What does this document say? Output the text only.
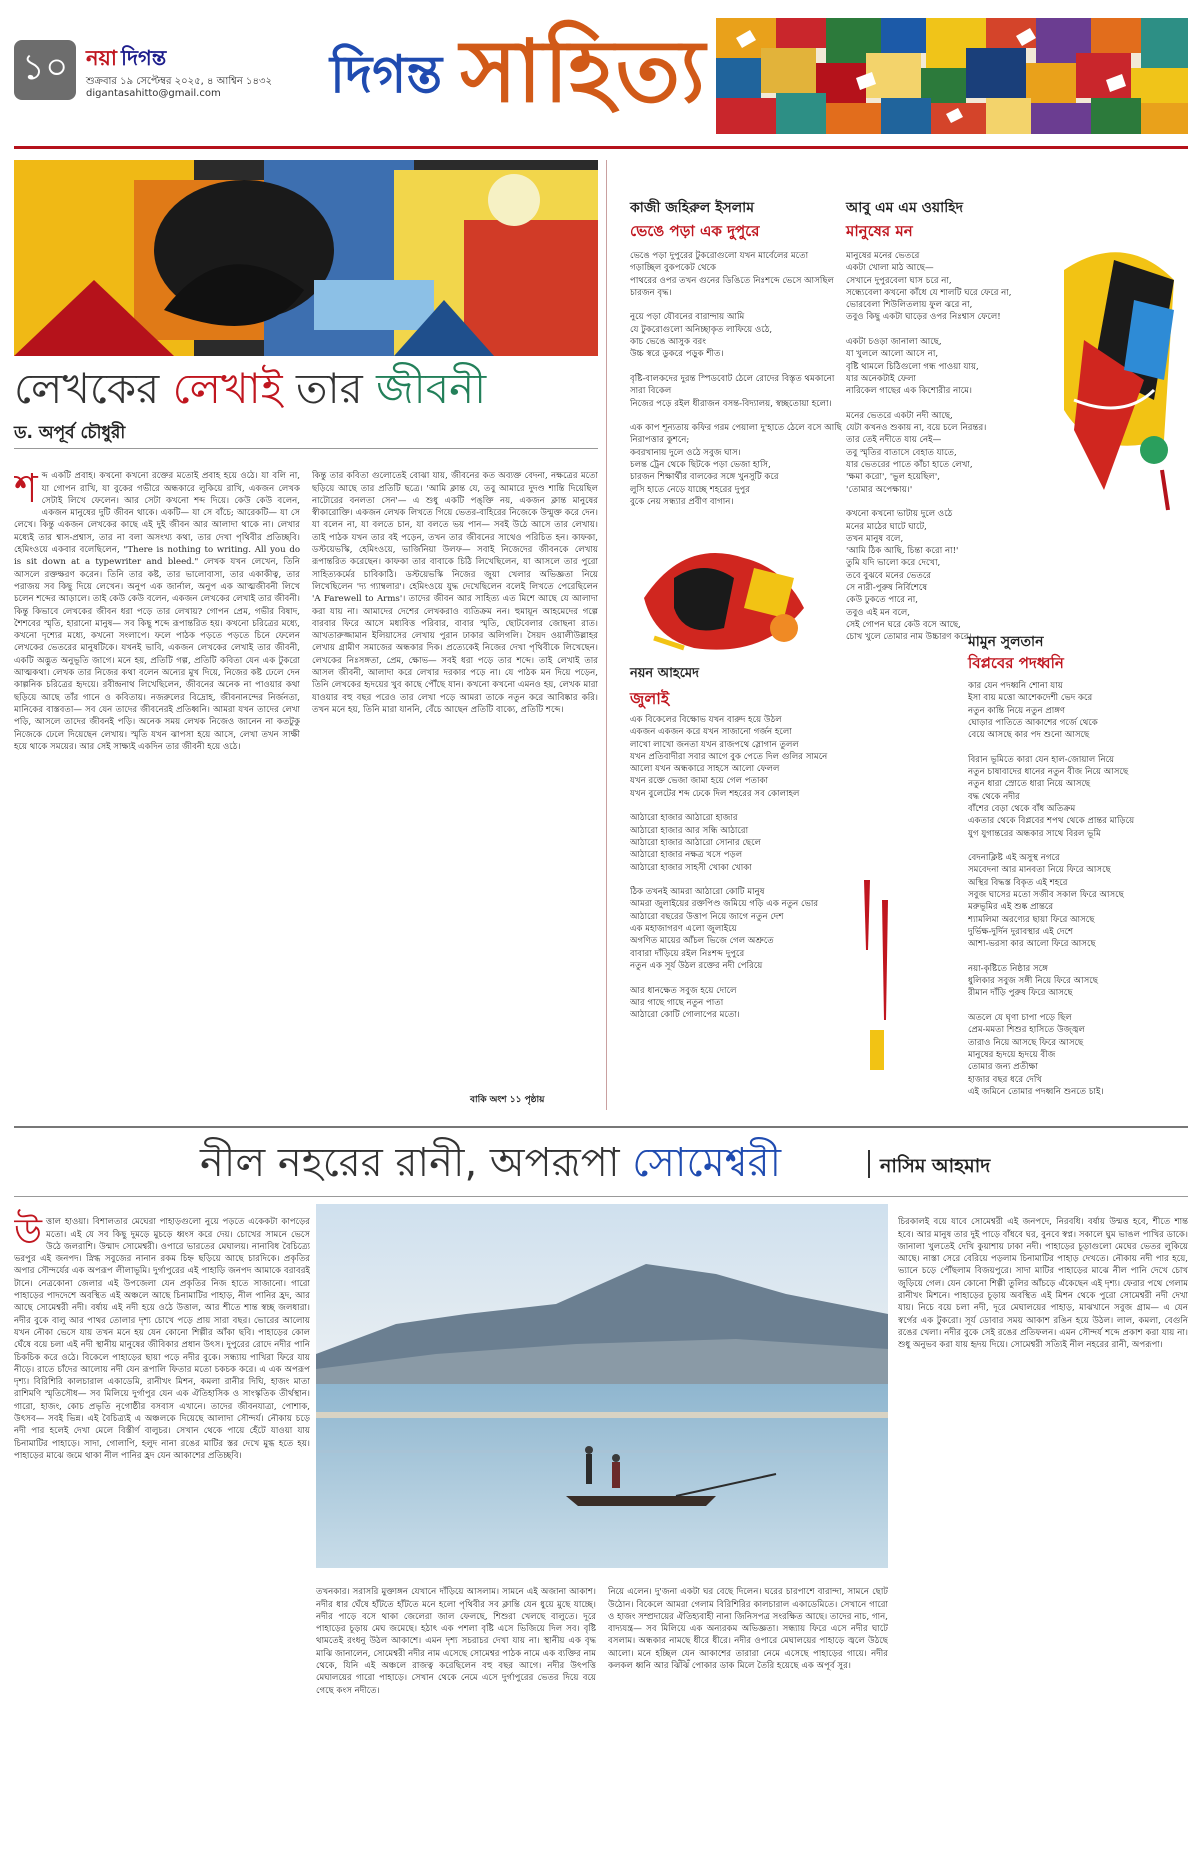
১০ নয়া দিগন্ত
শুক্রবার ১৯ সেপ্টেম্বর ২০২৫, ৪ আশ্বিন ১৪৩২
digantasahitto@gmail.com দিগন্ত সাহিত্য
লেখকের লেখাই তার জীবনী
ড. অপূর্ব চৌধুরী

শব্দ একটি প্রবাহ। কখনো কখনো রক্তের মতোই প্রবাহ হয়ে ওঠে। যা বলি না, যা গোপন রাখি, যা বুকের গভীরে অন্ধকারে লুকিয়ে রাখি, একজন লেখক সেটাই লিখে ফেলেন। আর সেটা কখনো শব্দ দিয়ে। কেউ কেউ বলেন, একজন মানুষের দুটি জীবন থাকে। একটি— যা সে বাঁচে; আরেকটি— যা সে লেখে। কিন্তু একজন লেখকের কাছে এই দুই জীবন আর আলাদা থাকে না। লেখার মধ্যেই তার শ্বাস-প্রশ্বাস, তার না বলা অসংখ্য কথা, তার দেখা পৃথিবীর প্রতিচ্ছবি। হেমিংওয়ে একবার বলেছিলেন, "There is nothing to writing. All you do is sit down at a typewriter and bleed." লেখক যখন লেখেন, তিনি আসলে রক্তক্ষরণ করেন। তিনি তার কষ্ট, তার ভালোবাসা, তার একাকীত্ব, তার পরাজয় সব কিছু দিয়ে লেখেন। অনুপ এক জার্নাল, অনুপ এক আত্মজীবনী লিখে চলেন শব্দের আড়ালে। তাই কেউ কেউ বলেন, একজন লেখকের লেখাই তার জীবনী। কিন্তু কিভাবে লেখকের জীবন ধরা পড়ে তার লেখায়? গোপন প্রেম, গভীর বিষাদ, শৈশবের স্মৃতি, হারানো মানুষ— সব কিছু শব্দে রূপান্তরিত হয়। কখনো চরিত্রের মধ্যে, কখনো দৃশ্যের মধ্যে, কখনো সংলাপে। ফলে পাঠক পড়তে পড়তে চিনে ফেলেন লেখকের ভেতরের মানুষটিকে। যখনই ভাবি, একজন লেখকের লেখাই তার জীবনী, একটি অদ্ভুত অনুভূতি জাগে। মনে হয়, প্রতিটি গল্প, প্রতিটি কবিতা যেন এক টুকরো আত্মকথা। লেখক তার নিজের কথা বলেন অন্যের মুখ দিয়ে, নিজের কষ্ট ঢেলে দেন কাল্পনিক চরিত্রের হৃদয়ে। রবীন্দ্রনাথ লিখেছিলেন, জীবনের অনেক না পাওয়ার কথা ছড়িয়ে আছে তাঁর গানে ও কবিতায়। নজরুলের বিদ্রোহ, জীবনানন্দের নির্জনতা, মানিকের বাস্তবতা— সব যেন তাদের জীবনেরই প্রতিধ্বনি। আমরা যখন তাদের লেখা পড়ি, আসলে তাদের জীবনই পড়ি। অনেক সময় লেখক নিজেও জানেন না কতটুকু নিজেকে ঢেলে দিয়েছেন লেখায়। স্মৃতি যখন ঝাপসা হয়ে আসে, লেখা তখন সাক্ষী হয়ে থাকে সময়ের। আর সেই সাক্ষ্যই একদিন তার জীবনী হয়ে ওঠে।

কিন্তু তার কবিতা গুলোতেই বোঝা যায়, জীবনের কত অব্যক্ত বেদনা, নক্ষত্রের মতো ছড়িয়ে আছে তার প্রতিটি ছত্রে। 'আমি ক্লান্ত যে, তবু আমারে দুদণ্ড শান্তি দিয়েছিল নাটোরের বনলতা সেন'— এ শুধু একটি পঙ্‌ক্তি নয়, একজন ক্লান্ত মানুষের স্বীকারোক্তি। একজন লেখক লিখতে গিয়ে ভেতর-বাহিরের নিজেকে উন্মুক্ত করে দেন। যা বলেন না, যা বলতে চান, যা বলতে ভয় পান— সবই উঠে আসে তার লেখায়। তাই পাঠক যখন তার বই পড়েন, তখন তার জীবনের সাথেও পরিচিত হন। কাফকা, ডস্টয়েভস্কি, হেমিংওয়ে, ভার্জিনিয়া উলফ— সবাই নিজেদের জীবনকে লেখায় রূপান্তরিত করেছেন। কাফকা তার বাবাকে চিঠি লিখেছিলেন, যা আসলে তার পুরো সাহিত্যকর্মের চাবিকাঠি। ডস্টয়েভস্কি নিজের জুয়া খেলার অভিজ্ঞতা নিয়ে লিখেছিলেন 'দ্য গ্যাম্বলার'। হেমিংওয়ে যুদ্ধ দেখেছিলেন বলেই লিখতে পেরেছিলেন 'A Farewell to Arms'। তাদের জীবন আর সাহিত্য এত মিশে আছে যে আলাদা করা যায় না। আমাদের দেশের লেখকরাও ব্যতিক্রম নন। হুমায়ূন আহমেদের গল্পে বারবার ফিরে আসে মধ্যবিত্ত পরিবার, বাবার স্মৃতি, ছোটবেলার জোছনা রাত। আখতারুজ্জামান ইলিয়াসের লেখায় পুরান ঢাকার অলিগলি। সৈয়দ ওয়ালীউল্লাহর লেখায় গ্রামীণ সমাজের অন্ধকার দিক। প্রত্যেকেই নিজের দেখা পৃথিবীকে লিখেছেন। লেখকের নিঃসঙ্গতা, প্রেম, ক্ষোভ— সবই ধরা পড়ে তার শব্দে। তাই লেখাই তার আসল জীবনী, আলাদা করে লেখার দরকার পড়ে না। যে পাঠক মন দিয়ে পড়েন, তিনি লেখকের হৃদয়ের খুব কাছে পৌঁছে যান। কখনো কখনো এমনও হয়, লেখক মারা যাওয়ার বহু বছর পরেও তার লেখা পড়ে আমরা তাকে নতুন করে আবিষ্কার করি। তখন মনে হয়, তিনি মারা যাননি, বেঁচে আছেন প্রতিটি বাক্যে, প্রতিটি শব্দে।

বাকি অংশ ১১ পৃষ্ঠায়
কাজী জহিরুল ইসলাম
ভেঙে পড়া এক দুপুরে
ভেঙে পড়া দুপুরের টুকরোগুলো যখন মার্বেলের মতো গড়াচ্ছিল বুকপকেট থেকে
পাথরের ওপর তখন গুনের ডিঙিতে নিঃশব্দে ভেসে আসছিল চারজন বৃদ্ধ।

নুয়ে পড়া যৌবনের বারান্দায় আমি
যে টুকরোগুলো অনিচ্ছাকৃত লাফিয়ে ওঠে,
কাচ ভেঙে আসুক বরং
উচ্চ স্বরে ডুকরে পড়ুক শীত।

বৃষ্টি-বালকদের দুরন্ত স্পিডবোট ঠেলে রোদের বিস্তৃত থমকানো সারা বিকেল
নিজের পড়ে রইল ধীরাজন বসন্ত-বিদ্যালয়, স্বচ্ছতোয়া হলো।

এক কাপ শূন্যতায় কফির গরম পেয়ালা দু'হাতে ঠেলে বসে আছি নিরাপত্তার কুশনে;
কবরখানায় দুলে ওঠে সবুজ ঘাস।
চলন্ত ট্রেন থেকে ছিটকে পড়া ভেজা হাসি,
চারজন শিক্ষার্থীর বালকের সঙ্গে খুনসুটি করে
লুসি হাতে নেড়ে যাচ্ছে শহরের দুপুর
বুকে নেয় সন্ধ্যার প্রবীণ বাগান।
আবু এম এম ওয়াহিদ
মানুষের মন
মানুষের মনের ভেতরে
একটা খোলা মাঠ আছে—
সেখানে দুপুরবেলা ঘাস চরে না,
সন্ধ্যেবেলা কখনো কাঁধে যে শালটি ঘরে ফেরে না,
ভোরবেলা শিউলিতলায় ফুল ঝরে না,
তবুও কিছু একটা ঘাড়ের ওপর নিঃশ্বাস ফেলে!

একটা চওড়া জানালা আছে,
যা খুললে আলো আসে না,
বৃষ্টি থামলে চিঠিগুলো গন্ধ পাওয়া যায়,
যার অনেকটাই ফেলা
নারিকেল গাছের এক কিশোরীর নামে।

মনের ভেতরে একটা নদী আছে,
যেটা কখনও শুকায় না, বয়ে চলে নিরন্তর।
তার তেই নদীতে যায় নেই—
তবু স্মৃতির বাতাসে বেহাত যাতে,
যার ভেতরের পাতে কাঁচা হাতে লেখা,
'ক্ষমা করো', 'ভুল হয়েছিল',
'তোমার অপেক্ষায়।'

কখনো কখনো ভাটায় দুলে ওঠে
মনের মাঠের ঘাটে ঘাটে,
তখন মানুষ বলে,
'আমি ঠিক আছি, চিন্তা করো না!'
তুমি যদি ভালো করে দেখো,
তবে বুঝবে মনের ভেতরে
সে নারী-পুরুষ নির্বিশেষে
কেউ ঢুকতে পারে না,
তবুও এই মন বলে,
সেই গোপন ঘরে কেউ বসে আছে,
চোখ খুলে তোমার নাম উচ্চারণ করে।
নয়ন আহমেদ
জুলাই
এক বিকেলের বিক্ষোভ যখন বারুদ হয়ে উঠল
একজন একজন করে যখন সাজানো গর্জন হলো
লাখো লাখো জনতা যখন রাজপথে স্লোগান তুলল
যখন প্রতিবাদীরা সবার আগে বুক পেতে দিল গুলির সামনে
আলো যখন অন্ধকারে সাহসে আলো ফেলল
যখন রক্তে ভেজা জামা হয়ে গেল পতাকা
যখন বুলেটের শব্দ ঢেকে দিল শহরের সব কোলাহল

আঠারো হাজার আঠারো হাজার
আঠারো হাজার আর সন্ধি আঠারো
আঠারো হাজার আঠারো সোনার ছেলে
আঠারো হাজার নক্ষত্র খসে পড়ল
আঠারো হাজার সাহসী খোকা খোকা

ঠিক তখনই আমরা আঠারো কোটি মানুষ
আমরা জুলাইয়ের রক্তপিণ্ড জমিয়ে গড়ি এক নতুন ভোর
আঠারো বছরের উত্তাপ নিয়ে জাগে নতুন দেশ
এক মহাজাগরণ এলো জুলাইয়ে
অগণিত মায়ের আঁচল ভিজে গেল অশ্রুতে
বাবারা দাঁড়িয়ে রইল নিঃশব্দ দুপুরে
নতুন এক সূর্য উঠল রক্তের নদী পেরিয়ে

আর ধানক্ষেত সবুজ হয়ে দোলে
আর গাছে গাছে নতুন পাতা
আঠারো কোটি গোলাপের মতো।
মামুন সুলতান
বিপ্লবের পদধ্বনি
কার যেন পদধ্বনি শোনা যায়
ইসা বায় মত্তো আশেকদেশী ভেদ করে
নতুন কান্তি নিয়ে নতুন প্রাঙ্গণ
ঘোড়ার পাতিতে আকাশের গর্জে থেকে
বেয়ে আসছে কার পদ শুনো আসছে

বিরান ভূমিতে কারা যেন হাল-জোয়াল নিয়ে
নতুন চাষাবাদের ধানের নতুন বীজ নিয়ে আসছে
নতুন ধারা স্রোতে ধারা নিয়ে আসছে
বদ্ধ থেকে নদীর
বাঁশের বেড়া থেকে বাঁধ অতিক্রম
একতার থেকে বিপ্লবের শপথ থেকে প্রান্তর মাড়িয়ে
যুগ যুগান্তরের অন্ধকার সাথে বিরল ভূমি

বেদনাক্লিষ্ট এই অসুস্থ নগরে
সমবেদনা আর মানবতা নিয়ে ফিরে আসছে
অস্থির বিদ্ধস্ত বিকৃত এই শহরে
সবুজ ঘাসের মতো সজীব সকাল ফিরে আসছে
মরুভূমির এই শুষ্ক প্রান্তরে
শ্যামলিমা অরণ্যের ছায়া ফিরে আসছে
দুর্ভিক্ষ-দুর্দিন দুরাবস্থার এই দেশে
আশা-ভরসা কার আলো ফিরে আসছে

নয়া-কৃষ্টিতে নিষ্ঠার সঙ্গে
ধুলিকার সবুজ সঙ্গী নিয়ে ফিরে আসছে
রীমান দাঁড়ি পুরুষ ফিরে আসছে

অতলে যে ঘৃণা চাপা পড়ে ছিল
প্রেম-মমতা শিশুর হাসিতে উজ্জ্বল
তারাও নিয়ে আসছে ফিরে আসছে
মানুষের হৃদয়ে হৃদয়ে বীজ
তোমার জন্য প্রতীক্ষা
হাজার বছর ধরে দেখি
এই জমিনে তোমার পদধ্বনি শুনতে চাই।
নীল নহরের রানী, অপরূপা সোমেশ্বরী	নাসিম আহমাদ

উত্তাল হাওয়া। বিশালতার মেঘেরা পাহাড়গুলো নুয়ে পড়তে একেকটা কাপড়ের মতো। এই যে সব কিছু দুমড়ে মুচড়ে ধ্বংস করে দেয়। চোখের সামনে ভেসে উঠে জলরাশি। উন্মাদ সোমেশ্বরী। ওপারে ভারতের মেঘালয়। নানাবিধ বৈচিত্র্যে ভরপুর এই জনপদ। স্নিগ্ধ সবুজের নানান রকম চিহ্ন ছড়িয়ে আছে চারদিকে। প্রকৃতির অপার সৌন্দর্যের এক অপরূপ লীলাভূমি। দুর্গাপুরের এই পাহাড়ি জনপদ আমাকে বরাবরই টানে। নেত্রকোনা জেলার এই উপজেলা যেন প্রকৃতির নিজ হাতে সাজানো। গারো পাহাড়ের পাদদেশে অবস্থিত এই অঞ্চলে আছে চিনামাটির পাহাড়, নীল পানির হ্রদ, আর আছে সোমেশ্বরী নদী। বর্ষায় এই নদী হয়ে ওঠে উত্তাল, আর শীতে শান্ত স্বচ্ছ জলধারা। নদীর বুকে বালু আর পাথর তোলার দৃশ্য চোখে পড়ে প্রায় সারা বছর। ভোরের আলোয় যখন নৌকা ভেসে যায় তখন মনে হয় যেন কোনো শিল্পীর আঁকা ছবি। পাহাড়ের কোল ঘেঁষে বয়ে চলা এই নদী স্থানীয় মানুষের জীবিকার প্রধান উৎস। দুপুরের রোদে নদীর পানি চিকচিক করে ওঠে। বিকেলে পাহাড়ের ছায়া পড়ে নদীর বুকে। সন্ধ্যায় পাখিরা ফিরে যায় নীড়ে। রাতে চাঁদের আলোয় নদী যেন রূপালি ফিতার মতো চকচক করে। এ এক অপরূপ দৃশ্য। বিরিশিরি কালচারাল একাডেমি, রানীখং মিশন, কমলা রানীর দিঘি, হাজং মাতা রাশিমণি স্মৃতিসৌধ— সব মিলিয়ে দুর্গাপুর যেন এক ঐতিহাসিক ও সাংস্কৃতিক তীর্থস্থান। গারো, হাজং, কোচ প্রভৃতি নৃগোষ্ঠীর বসবাস এখানে। তাদের জীবনযাত্রা, পোশাক, উৎসব— সবই ভিন্ন। এই বৈচিত্র্যই এ অঞ্চলকে দিয়েছে আলাদা সৌন্দর্য। নৌকায় চড়ে নদী পার হলেই দেখা মেলে বিস্তীর্ণ বালুচর। সেখান থেকে পায়ে হেঁটে যাওয়া যায় চিনামাটির পাহাড়ে। সাদা, গোলাপি, হলুদ নানা রঙের মাটির স্তর দেখে মুগ্ধ হতে হয়। পাহাড়ের মাঝে জমে থাকা নীল পানির হ্রদ যেন আকাশের প্রতিচ্ছবি।

তখনকার। সরাসরি মুক্তাঙ্গন যেখানে দাঁড়িয়ে আসলাম। সামনে এই অজানা আকাশ। নদীর ধার ঘেঁষে হাঁটতে হাঁটতে মনে হলো পৃথিবীর সব ক্লান্তি যেন ধুয়ে মুছে যাচ্ছে। নদীর পাড়ে বসে থাকা জেলেরা জাল ফেলছে, শিশুরা খেলছে বালুতে। দূরে পাহাড়ের চূড়ায় মেঘ জমেছে। হঠাৎ এক পশলা বৃষ্টি এসে ভিজিয়ে দিল সব। বৃষ্টি থামতেই রংধনু উঠল আকাশে। এমন দৃশ্য সচরাচর দেখা যায় না। স্থানীয় এক বৃদ্ধ মাঝি জানালেন, সোমেশ্বরী নদীর নাম এসেছে সোমেশ্বর পাঠক নামে এক ব্যক্তির নাম থেকে, যিনি এই অঞ্চলে রাজত্ব করেছিলেন বহু বছর আগে। নদীর উৎপত্তি মেঘালয়ের গারো পাহাড়ে। সেখান থেকে নেমে এসে দুর্গাপুরের ভেতর দিয়ে বয়ে গেছে কংস নদীতে।

নিয়ে এলেন। দু'জনা একটা ঘর বেছে দিলেন। ঘরের চারপাশে বারান্দা, সামনে ছোট উঠোন। বিকেলে আমরা গেলাম বিরিশিরির কালচারাল একাডেমিতে। সেখানে গারো ও হাজং সম্প্রদায়ের ঐতিহ্যবাহী নানা জিনিসপত্র সংরক্ষিত আছে। তাদের নাচ, গান, বাদ্যযন্ত্র— সব মিলিয়ে এক অন্যরকম অভিজ্ঞতা। সন্ধ্যায় ফিরে এসে নদীর ঘাটে বসলাম। অন্ধকার নামছে ধীরে ধীরে। নদীর ওপারে মেঘালয়ের পাহাড়ে জ্বলে উঠছে আলো। মনে হচ্ছিল যেন আকাশের তারারা নেমে এসেছে পাহাড়ের গায়ে। নদীর কলকল ধ্বনি আর ঝিঁঝিঁ পোকার ডাক মিলে তৈরি হয়েছে এক অপূর্ব সুর।

চিরকালই বয়ে যাবে সোমেশ্বরী এই জনপদে, নিরবধি। বর্ষায় উন্মত্ত হবে, শীতে শান্ত হবে। আর মানুষ তার দুই পাড়ে বাঁধবে ঘর, বুনবে স্বপ্ন। সকালে ঘুম ভাঙল পাখির ডাকে। জানালা খুলতেই দেখি কুয়াশায় ঢাকা নদী। পাহাড়ের চূড়াগুলো মেঘের ভেতর লুকিয়ে আছে। নাস্তা সেরে বেরিয়ে পড়লাম চিনামাটির পাহাড় দেখতে। নৌকায় নদী পার হয়ে, ভ্যানে চড়ে পৌঁছলাম বিজয়পুরে। সাদা মাটির পাহাড়ের মাঝে নীল পানি দেখে চোখ জুড়িয়ে গেল। যেন কোনো শিল্পী তুলির আঁচড়ে এঁকেছেন এই দৃশ্য। ফেরার পথে গেলাম রানীখং মিশনে। পাহাড়ের চূড়ায় অবস্থিত এই মিশন থেকে পুরো সোমেশ্বরী নদী দেখা যায়। নিচে বয়ে চলা নদী, দূরে মেঘালয়ের পাহাড়, মাঝখানে সবুজ গ্রাম— এ যেন স্বর্গের এক টুকরো। সূর্য ডোবার সময় আকাশ রঙিন হয়ে উঠল। লাল, কমলা, বেগুনি রঙের খেলা। নদীর বুকে সেই রঙের প্রতিফলন। এমন সৌন্দর্য শব্দে প্রকাশ করা যায় না। শুধু অনুভব করা যায় হৃদয় দিয়ে। সোমেশ্বরী সত্যিই নীল নহরের রানী, অপরূপা।
